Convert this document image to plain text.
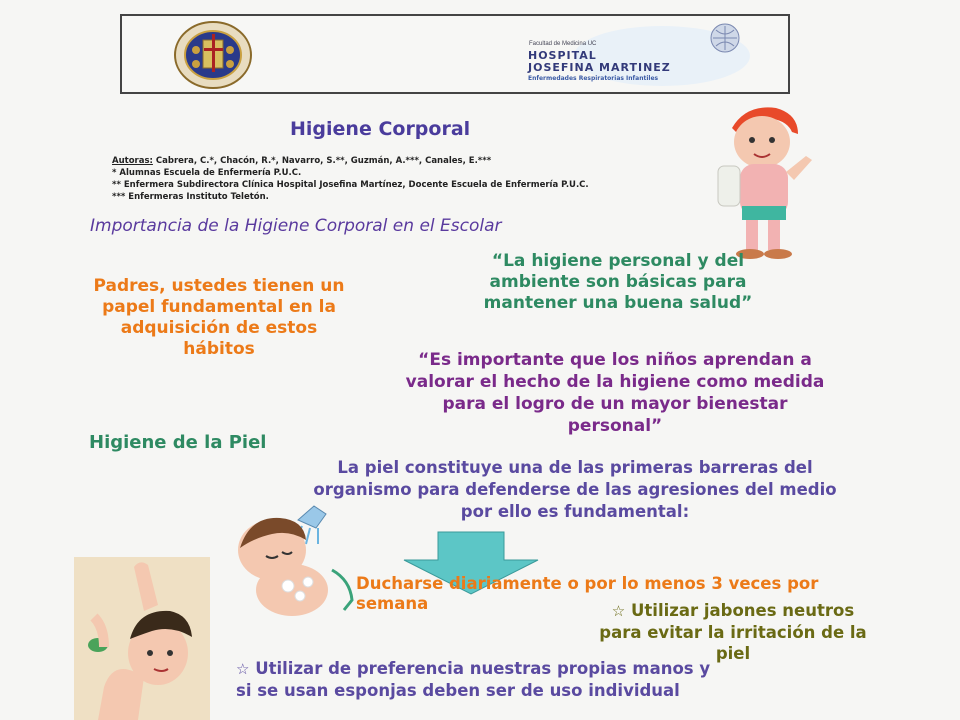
Facultad de Medicina UC
HOSPITAL
JOSEFINA MARTINEZ
Enfermedades Respiratorias Infantiles
Higiene Corporal
Autoras: Cabrera, C.*, Chacón, R.*, Navarro, S.**, Guzmán, A.***, Canales, E.***
* Alumnas Escuela de Enfermería P.U.C.
** Enfermera Subdirectora Clínica Hospital Josefina Martínez, Docente Escuela de Enfermería P.U.C.
*** Enfermeras Instituto Teletón.
Importancia de la Higiene Corporal en el Escolar
Padres, ustedes tienen un papel fundamental en la adquisición de estos hábitos
“La higiene personal y del ambiente son básicas para mantener una buena salud”
“Es importante que los niños aprendan a valorar el hecho de la higiene como medida para el logro de un mayor bienestar personal”
Higiene de la Piel
La piel constituye una de las primeras barreras del organismo para defenderse de las agresiones del medio por ello es fundamental:
Ducharse diariamente o por lo menos 3 veces por semana	☆ Utilizar jabones neutros para evitar la irritación de la piel
☆ Utilizar de preferencia nuestras propias manos y si se usan esponjas deben ser de uso individual
